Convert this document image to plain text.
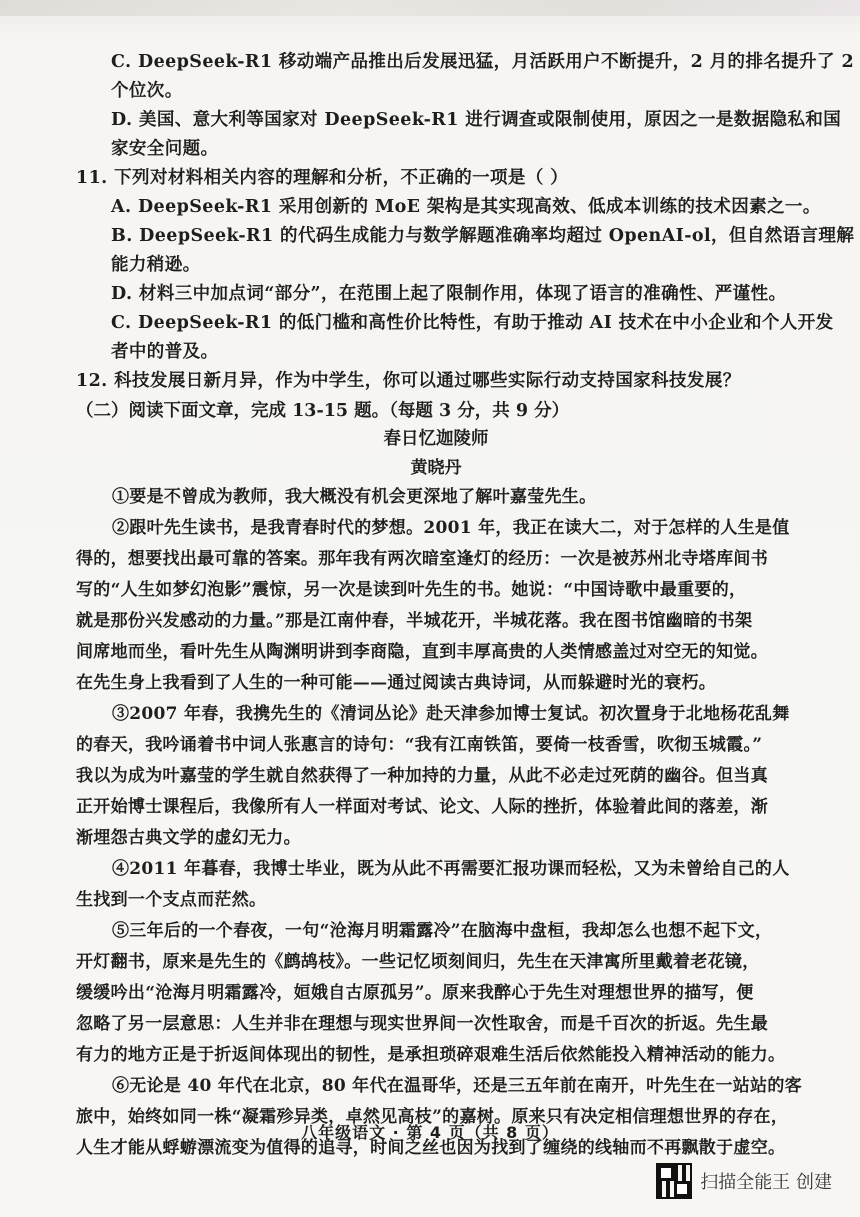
C. DeepSeek-R1 移动端产品推出后发展迅猛，月活跃用户不断提升，2 月的排名提升了 2
个位次。
D. 美国、意大利等国家对 DeepSeek-R1 进行调查或限制使用，原因之一是数据隐私和国
家安全问题。
11. 下列对材料相关内容的理解和分析，不正确的一项是（ ）
A. DeepSeek-R1 采用创新的 MoE 架构是其实现高效、低成本训练的技术因素之一。
B. DeepSeek-R1 的代码生成能力与数学解题准确率均超过 OpenAI-ol，但自然语言理解
能力稍逊。
D. 材料三中加点词“部分”，在范围上起了限制作用，体现了语言的准确性、严谨性。
C. DeepSeek-R1 的低门槛和高性价比特性，有助于推动 AI 技术在中小企业和个人开发
者中的普及。
12. 科技发展日新月异，作为中学生，你可以通过哪些实际行动支持国家科技发展？
（二）阅读下面文章，完成 13-15 题。（每题 3 分，共 9 分）
春日忆迦陵师
黄晓丹
①要是不曾成为教师，我大概没有机会更深地了解叶嘉莹先生。
②跟叶先生读书，是我青春时代的梦想。2001 年，我正在读大二，对于怎样的人生是值
得的，想要找出最可靠的答案。那年我有两次暗室逢灯的经历：一次是被苏州北寺塔库间书
写的“人生如梦幻泡影”震惊，另一次是读到叶先生的书。她说：“中国诗歌中最重要的，
就是那份兴发感动的力量。”那是江南仲春，半城花开，半城花落。我在图书馆幽暗的书架
间席地而坐，看叶先生从陶渊明讲到李商隐，直到丰厚高贵的人类情感盖过对空无的知觉。
在先生身上我看到了人生的一种可能——通过阅读古典诗词，从而躲避时光的衰朽。
③2007 年春，我携先生的《清词丛论》赴天津参加博士复试。初次置身于北地杨花乱舞
的春天，我吟诵着书中词人张惠言的诗句：“我有江南铁笛，要倚一枝香雪，吹彻玉城霞。”
我以为成为叶嘉莹的学生就自然获得了一种加持的力量，从此不必走过死荫的幽谷。但当真
正开始博士课程后，我像所有人一样面对考试、论文、人际的挫折，体验着此间的落差，渐
渐埋怨古典文学的虚幻无力。
④2011 年暮春，我博士毕业，既为从此不再需要汇报功课而轻松，又为未曾给自己的人
生找到一个支点而茫然。
⑤三年后的一个春夜，一句“沧海月明霜露冷”在脑海中盘桓，我却怎么也想不起下文，
开灯翻书，原来是先生的《鹧鸪枝》。一些记忆顷刻间归，先生在天津寓所里戴着老花镜，
缓缓吟出“沧海月明霜露冷，姮娥自古原孤另”。原来我醉心于先生对理想世界的描写，便
忽略了另一层意思：人生并非在理想与现实世界间一次性取舍，而是千百次的折返。先生最
有力的地方正是于折返间体现出的韧性，是承担琐碎艰难生活后依然能投入精神活动的能力。
⑥无论是 40 年代在北京，80 年代在温哥华，还是三五年前在南开，叶先生在一站站的客
旅中，始终如同一株“凝霜殄异类，卓然见高枝”的嘉树。原来只有决定相信理想世界的存在，
人生才能从蜉蝣漂流变为值得的追寻，时间之丝也因为找到了缠绕的线轴而不再飘散于虚空。
八年级语文 · 第 4 页（共 8 页）
扫描全能王 创建
